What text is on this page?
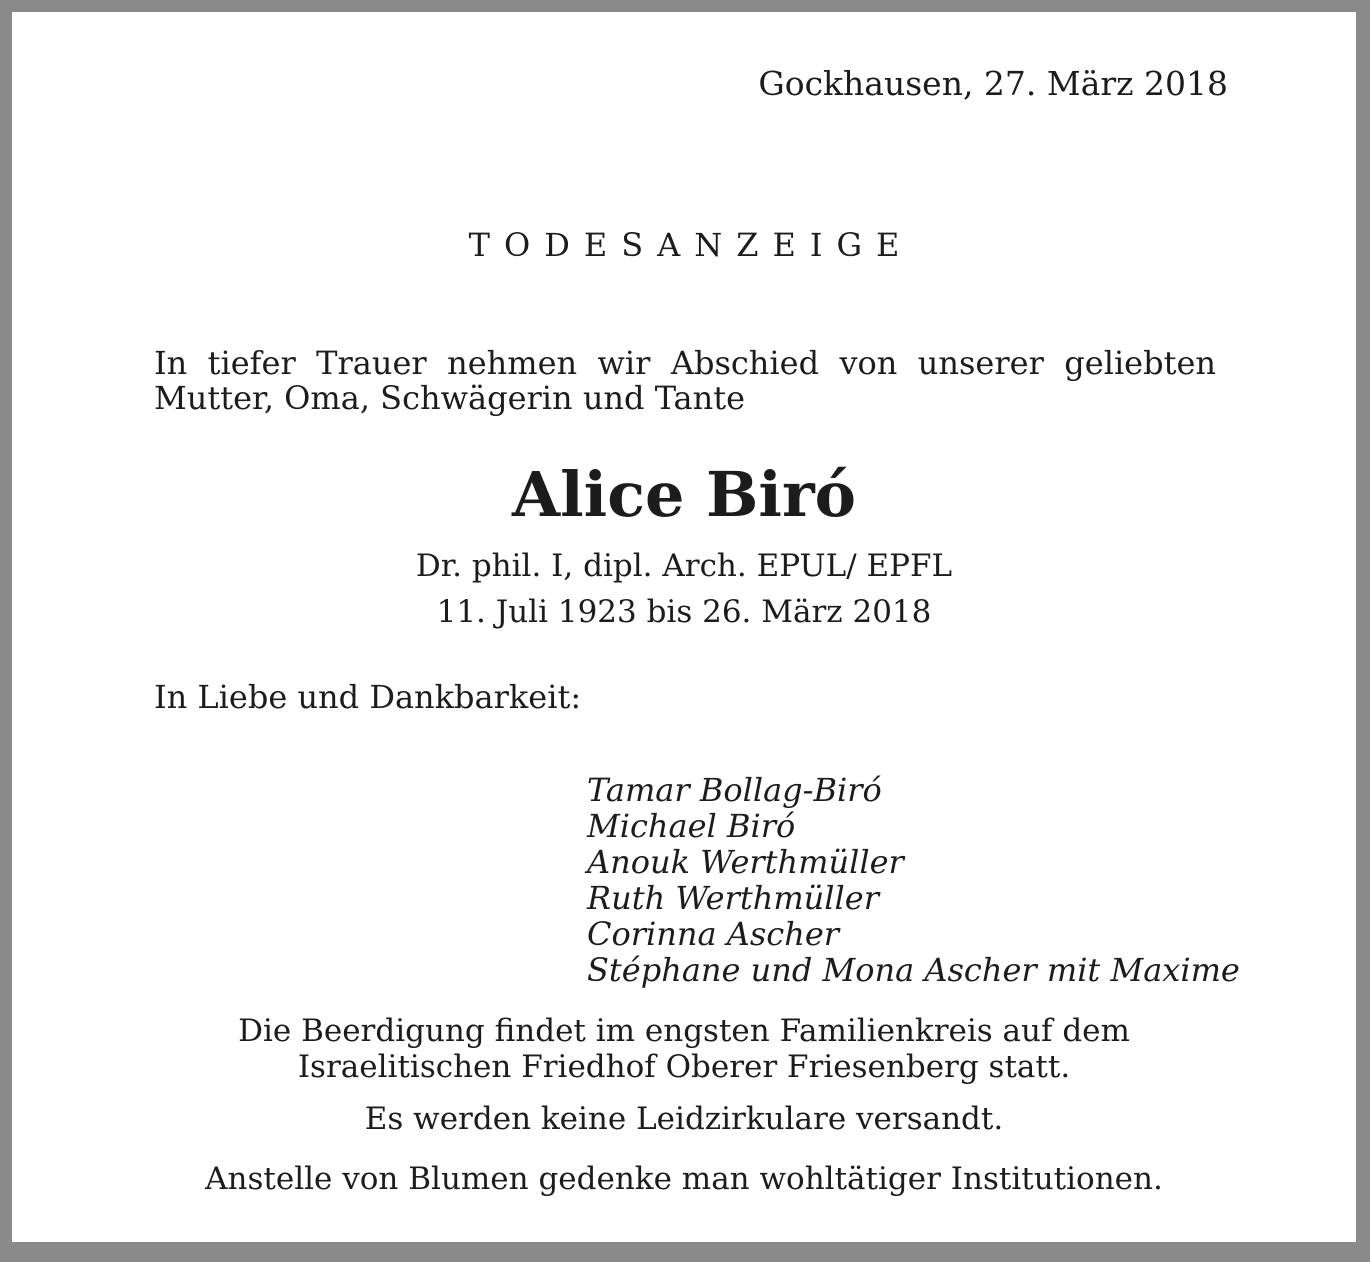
Gockhausen, 27. März 2018
TODESANZEIGE
In tiefer Trauer nehmen wir Abschied von unserer geliebten
Mutter, Oma, Schwägerin und Tante
Alice Biró
Dr. phil. I, dipl. Arch. EPUL/ EPFL
11. Juli 1923 bis 26. März 2018
In Liebe und Dankbarkeit:
Tamar Bollag-Biró
Michael Biró
Anouk Werthmüller
Ruth Werthmüller
Corinna Ascher
Stéphane und Mona Ascher mit Maxime
Die Beerdigung findet im engsten Familienkreis auf dem
Israelitischen Friedhof Oberer Friesenberg statt.
Es werden keine Leidzirkulare versandt.
Anstelle von Blumen gedenke man wohltätiger Institutionen.
